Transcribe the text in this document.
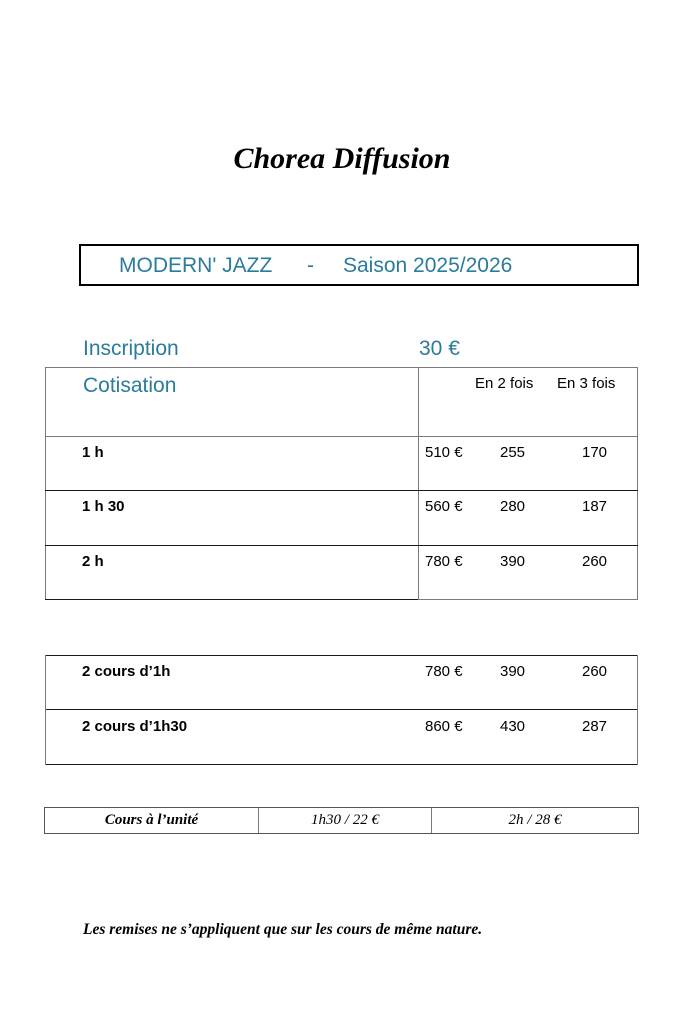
Chorea Diffusion
MODERN' JAZZ - Saison 2025/2026
Inscription	30 €
Cotisation	En 2 fois En 3 fois
1 h	510 € 255	170
1 h 30	560 € 280	187
2 h	780 € 390	260
2 cours d’1h	780 € 390	260
2 cours d’1h30	860 € 430	287
Cours à l’unité	1h30 / 22 €	2h / 28 €
Les remises ne s’appliquent que sur les cours de même nature.
